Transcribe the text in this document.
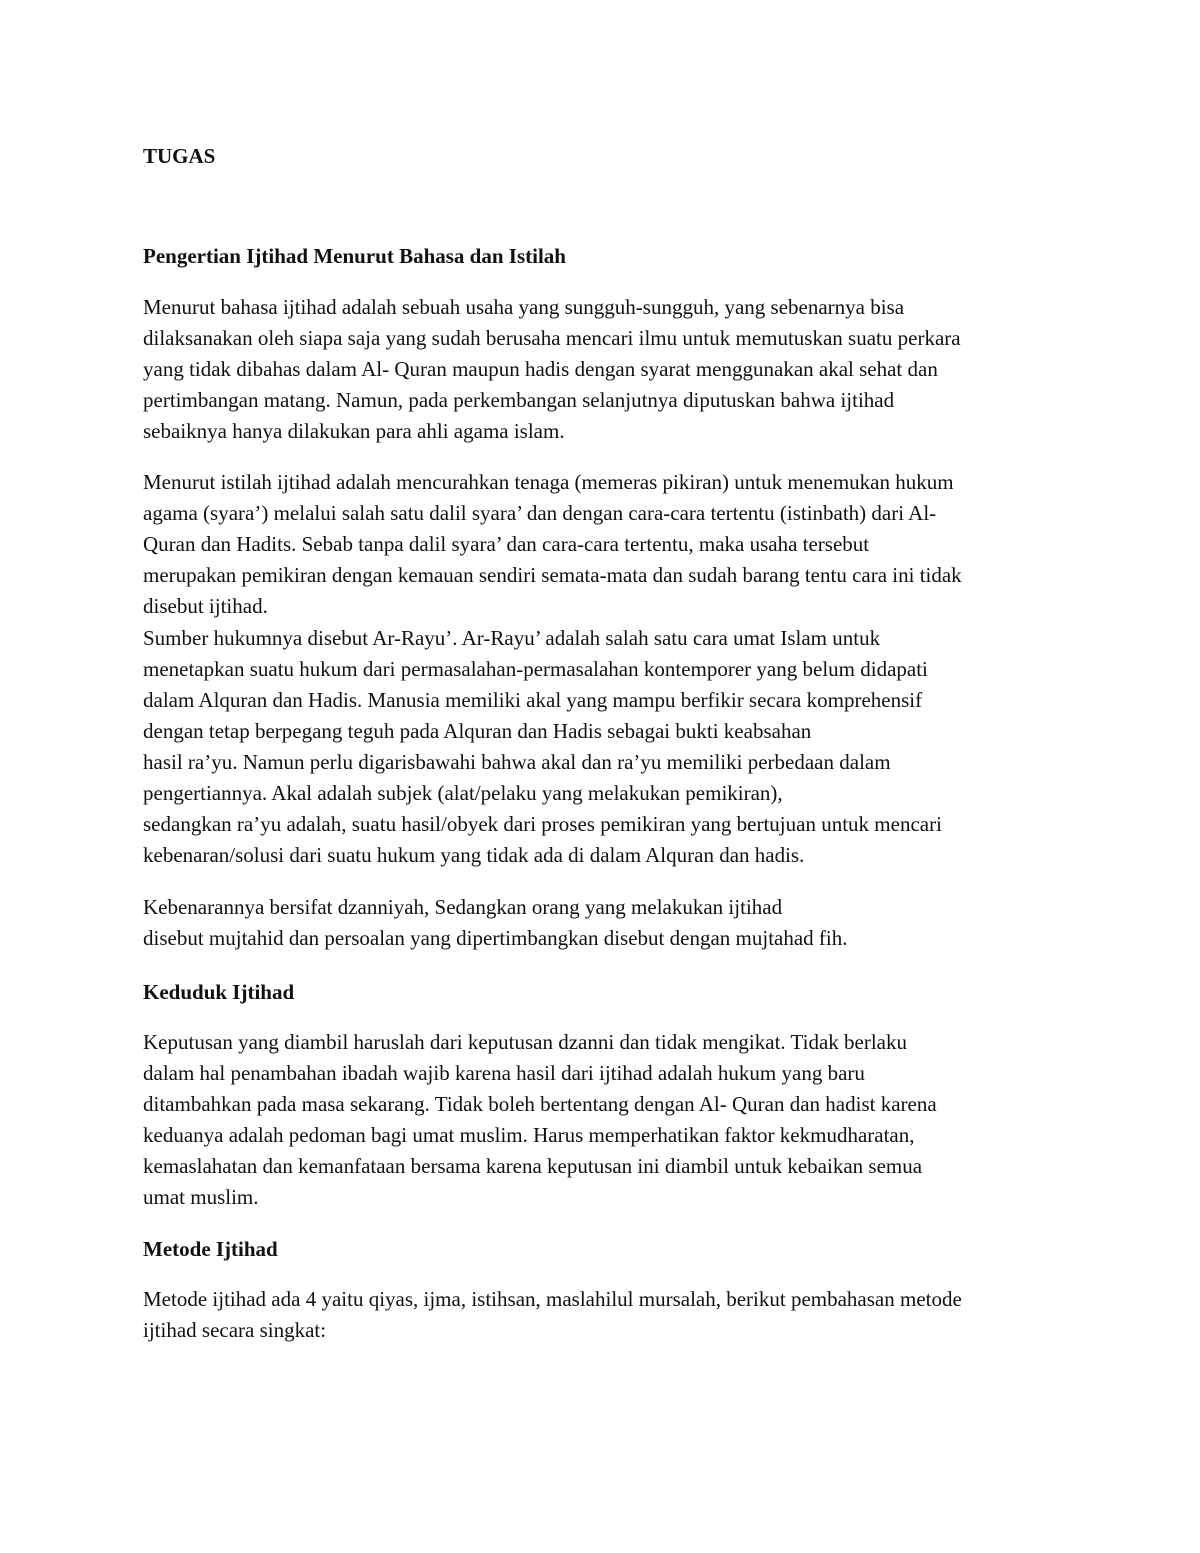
TUGAS
Pengertian Ijtihad Menurut Bahasa dan Istilah

Menurut bahasa ijtihad adalah sebuah usaha yang sungguh-sungguh, yang sebenarnya bisa
dilaksanakan oleh siapa saja yang sudah berusaha mencari ilmu untuk memutuskan suatu perkara
yang tidak dibahas dalam Al- Quran maupun hadis dengan syarat menggunakan akal sehat dan
pertimbangan matang. Namun, pada perkembangan selanjutnya diputuskan bahwa ijtihad
sebaiknya hanya dilakukan para ahli agama islam.

Menurut istilah ijtihad adalah mencurahkan tenaga (memeras pikiran) untuk menemukan hukum
agama (syara’) melalui salah satu dalil syara’ dan dengan cara-cara tertentu (istinbath) dari Al-
Quran dan Hadits. Sebab tanpa dalil syara’ dan cara-cara tertentu, maka usaha tersebut
merupakan pemikiran dengan kemauan sendiri semata-mata dan sudah barang tentu cara ini tidak
disebut ijtihad.

Sumber hukumnya disebut Ar-Rayu’. Ar-Rayu’ adalah salah satu cara umat Islam untuk
menetapkan suatu hukum dari permasalahan-permasalahan kontemporer yang belum didapati
dalam Alquran dan Hadis. Manusia memiliki akal yang mampu berfikir secara komprehensif
dengan tetap berpegang teguh pada Alquran dan Hadis sebagai bukti keabsahan
hasil ra’yu. Namun perlu digarisbawahi bahwa akal dan ra’yu memiliki perbedaan dalam
pengertiannya. Akal adalah subjek (alat/pelaku yang melakukan pemikiran),
sedangkan ra’yu adalah, suatu hasil/obyek dari proses pemikiran yang bertujuan untuk mencari
kebenaran/solusi dari suatu hukum yang tidak ada di dalam Alquran dan hadis.

Kebenarannya bersifat dzanniyah, Sedangkan orang yang melakukan ijtihad
disebut mujtahid dan persoalan yang dipertimbangkan disebut dengan mujtahad fih.

Keduduk Ijtihad

Keputusan yang diambil haruslah dari keputusan dzanni dan tidak mengikat. Tidak berlaku
dalam hal penambahan ibadah wajib karena hasil dari ijtihad adalah hukum yang baru
ditambahkan pada masa sekarang. Tidak boleh bertentang dengan Al- Quran dan hadist karena
keduanya adalah pedoman bagi umat muslim. Harus memperhatikan faktor kekmudharatan,
kemaslahatan dan kemanfataan bersama karena keputusan ini diambil untuk kebaikan semua
umat muslim.

Metode Ijtihad

Metode ijtihad ada 4 yaitu qiyas, ijma, istihsan, maslahilul mursalah, berikut pembahasan metode
ijtihad secara singkat:
